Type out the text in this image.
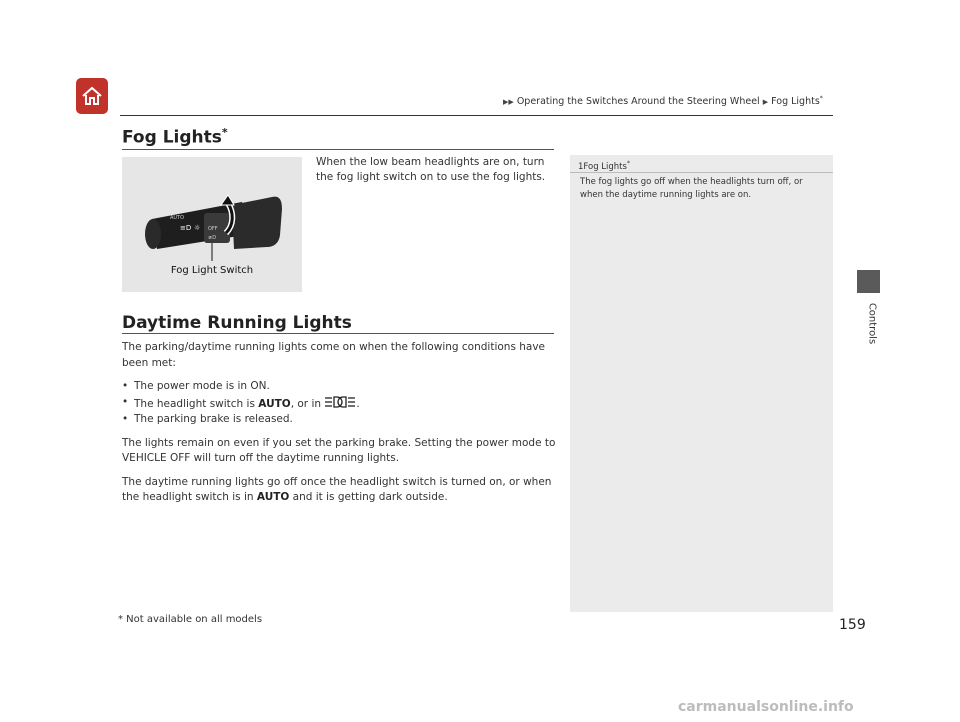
▶▶ Operating the Switches Around the Steering Wheel ▶ Fog Lights*
Controls
Fog Lights*
AUTO
≡D ☼ OFF
≢D
Fog Light Switch
When the low beam headlights are on, turn the fog light switch on to use the fog lights.
Daytime Running Lights

The parking/daytime running lights come on when the following conditions have been met:

• The power mode is in ON.
• The headlight switch is AUTO, or in	.
• The parking brake is released.

The lights remain on even if you set the parking brake. Setting the power mode to VEHICLE OFF will turn off the daytime running lights.

The daytime running lights go off once the headlight switch is turned on, or when the headlight switch is in AUTO and it is getting dark outside.

1Fog Lights*
The fog lights go off when the headlights turn off, or when the daytime running lights are on.
* Not available on all models	159
carmanualsonline.info
